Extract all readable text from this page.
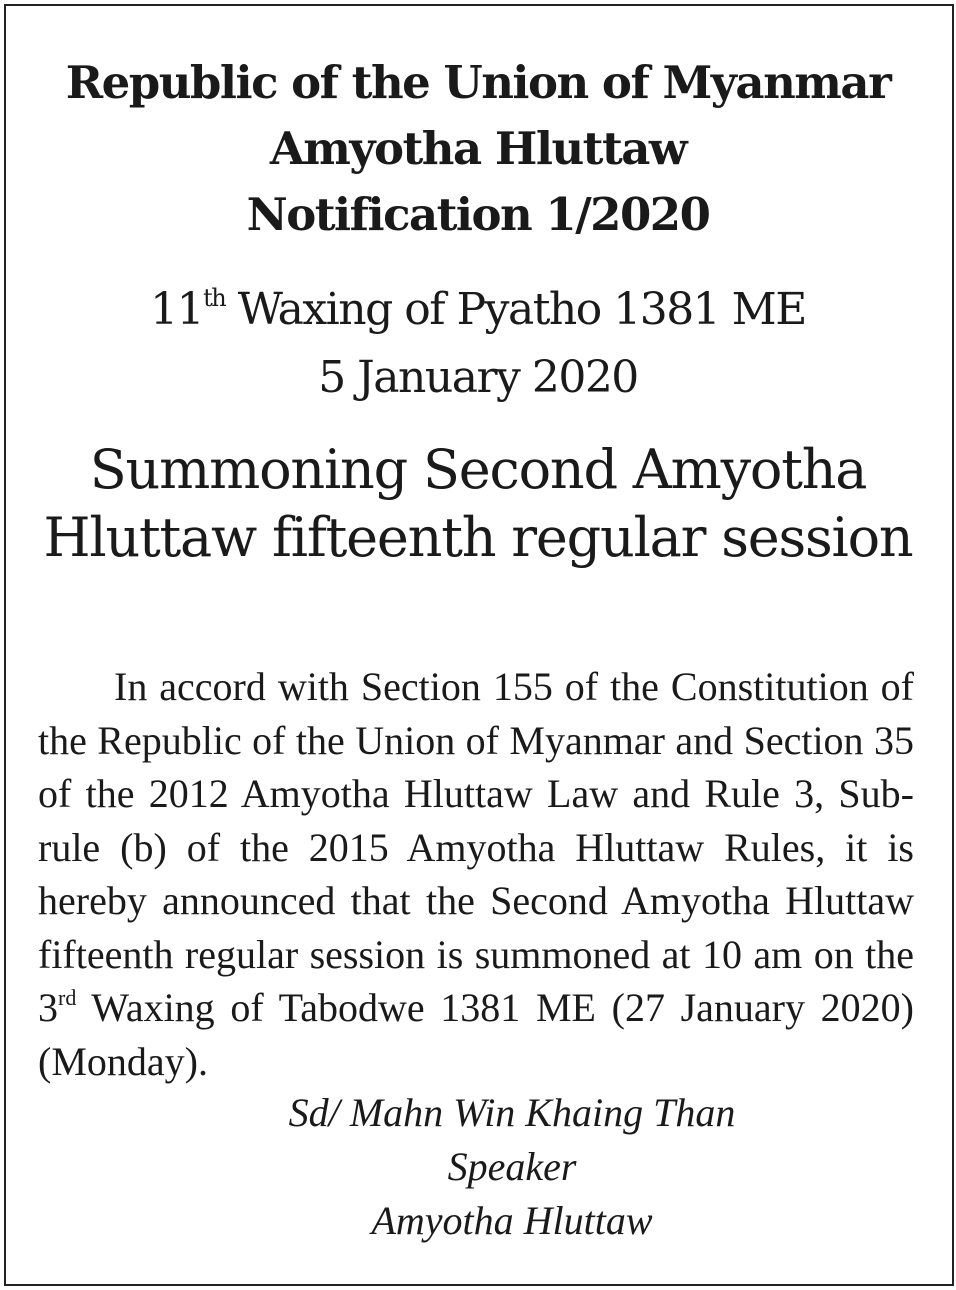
Republic of the Union of Myanmar
Amyotha Hluttaw
Notification 1/2020
11th Waxing of Pyatho 1381 ME
5 January 2020
Summoning Second Amyotha
Hluttaw fifteenth regular session
In accord with Section 155 of the Constitution of the Republic of the Union of Myanmar and Section 35 of the 2012 Amyotha Hluttaw Law and Rule 3, Sub-rule (b) of the 2015 Amyotha Hluttaw Rules, it is hereby announced that the Second Amyotha Hluttaw fifteenth regular session is summoned at 10 am on the 3rd Waxing of Tabodwe 1381 ME (27 January 2020) (Monday).
Sd/ Mahn Win Khaing Than
Speaker
Amyotha Hluttaw
